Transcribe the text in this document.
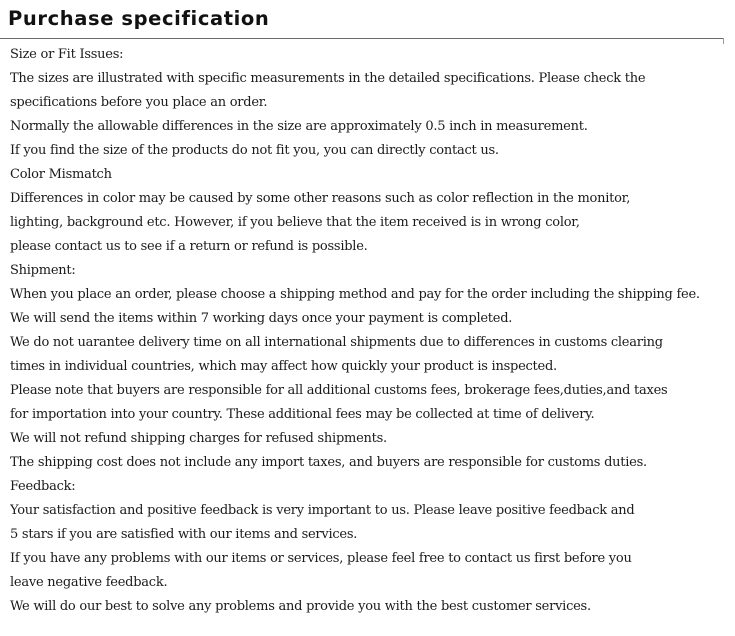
Purchase specification
Size or Fit Issues:
The sizes are illustrated with specific measurements in the detailed specifications. Please check the
specifications before you place an order.
Normally the allowable differences in the size are approximately 0.5 inch in measurement.
If you find the size of the products do not fit you, you can directly contact us.
Color Mismatch
Differences in color may be caused by some other reasons such as color reflection in the monitor,
lighting, background etc. However, if you believe that the item received is in wrong color,
please contact us to see if a return or refund is possible.
Shipment:
When you place an order, please choose a shipping method and pay for the order including the shipping fee.
We will send the items within 7 working days once your payment is completed.
We do not uarantee delivery time on all international shipments due to differences in customs clearing
times in individual countries, which may affect how quickly your product is inspected.
Please note that buyers are responsible for all additional customs fees, brokerage fees,duties,and taxes
for importation into your country. These additional fees may be collected at time of delivery.
We will not refund shipping charges for refused shipments.
The shipping cost does not include any import taxes, and buyers are responsible for customs duties.
Feedback:
Your satisfaction and positive feedback is very important to us. Please leave positive feedback and
5 stars if you are satisfied with our items and services.
If you have any problems with our items or services, please feel free to contact us first before you
leave negative feedback.
We will do our best to solve any problems and provide you with the best customer services.
